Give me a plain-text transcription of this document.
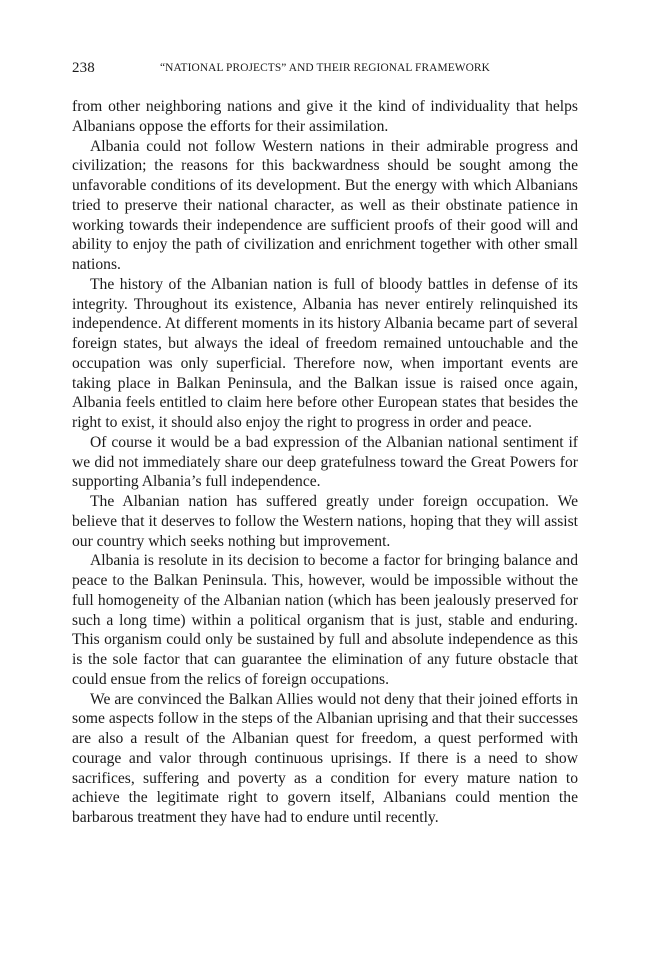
238	“NATIONAL PROJECTS” AND THEIR REGIONAL FRAMEWORK

from other neighboring nations and give it the kind of individuality that helps Albanians oppose the efforts for their assimilation.

Albania could not follow Western nations in their admirable progress and civilization; the reasons for this backwardness should be sought among the unfavorable conditions of its development. But the energy with which Albanians tried to preserve their national character, as well as their obstinate patience in working towards their independence are sufficient proofs of their good will and ability to enjoy the path of civilization and enrichment together with other small nations.

The history of the Albanian nation is full of bloody battles in defense of its integrity. Throughout its existence, Albania has never entirely relinquished its independence. At different moments in its history Albania became part of several foreign states, but always the ideal of freedom remained untouchable and the occupation was only superficial. Therefore now, when important events are taking place in Balkan Peninsula, and the Balkan issue is raised once again, Albania feels entitled to claim here before other European states that besides the right to exist, it should also enjoy the right to progress in order and peace.

Of course it would be a bad expression of the Albanian national sentiment if we did not immediately share our deep gratefulness toward the Great Powers for supporting Albania’s full independence.

The Albanian nation has suffered greatly under foreign occupation. We believe that it deserves to follow the Western nations, hoping that they will assist our country which seeks nothing but improvement.

Albania is resolute in its decision to become a factor for bringing balance and peace to the Balkan Peninsula. This, however, would be impossible without the full homogeneity of the Albanian nation (which has been jealously preserved for such a long time) within a political organism that is just, stable and enduring. This organism could only be sustained by full and absolute independence as this is the sole factor that can guarantee the elimination of any future obstacle that could ensue from the relics of foreign occupations.

We are convinced the Balkan Allies would not deny that their joined efforts in some aspects follow in the steps of the Albanian uprising and that their successes are also a result of the Albanian quest for freedom, a quest performed with courage and valor through continuous uprisings. If there is a need to show sacrifices, suffering and poverty as a condition for every mature nation to achieve the legitimate right to govern itself, Albanians could mention the barbarous treatment they have had to endure until recently.
